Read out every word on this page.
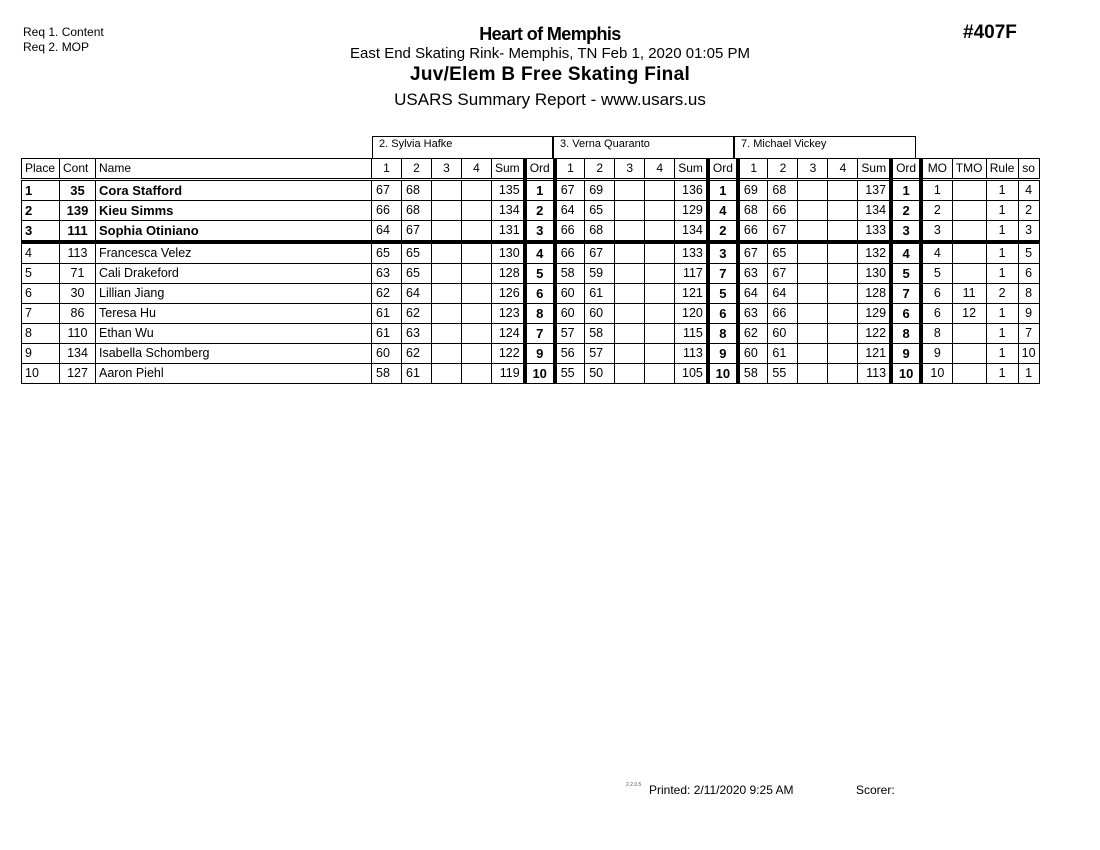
Req 1. Content
Req 2. MOP
#407F
Heart of Memphis
East End Skating Rink- Memphis, TN Feb 1, 2020 01:05 PM
Juv/Elem B Free Skating Final
USARS Summary Report - www.usars.us
2. Sylvia Hafke	3. Verna Quaranto	7. Michael Vickey
Place	Cont	Name	1	2	3	4	Sum	Ord	1	2	3	4	Sum	Ord	1	2	3	4	Sum	Ord	MO	TMO	Rule	so
1	35	Cora Stafford	67	68			135	1	67	69			136	1	69	68			137	1	1		1	4
2	139	Kieu Simms	66	68			134	2	64	65			129	4	68	66			134	2	2		1	2
3	111	Sophia Otiniano	64	67			131	3	66	68			134	2	66	67			133	3	3		1	3
4	113	Francesca Velez	65	65			130	4	66	67			133	3	67	65			132	4	4		1	5
5	71	Cali Drakeford	63	65			128	5	58	59			117	7	63	67			130	5	5		1	6
6	30	Lillian Jiang	62	64			126	6	60	61			121	5	64	64			128	7	6	11	2	8
7	86	Teresa Hu	61	62			123	8	60	60			120	6	63	66			129	6	6	12	1	9
8	110	Ethan Wu	61	63			124	7	57	58			115	8	62	60			122	8	8		1	7
9	134	Isabella Schomberg	60	62			122	9	56	57			113	9	60	61			121	9	9		1	10
10	127	Aaron Piehl	58	61			119	10	55	50			105	10	58	55			113	10	10		1	1
2.2.0.5 Printed: 2/11/2020 9:25 AM	Scorer:
